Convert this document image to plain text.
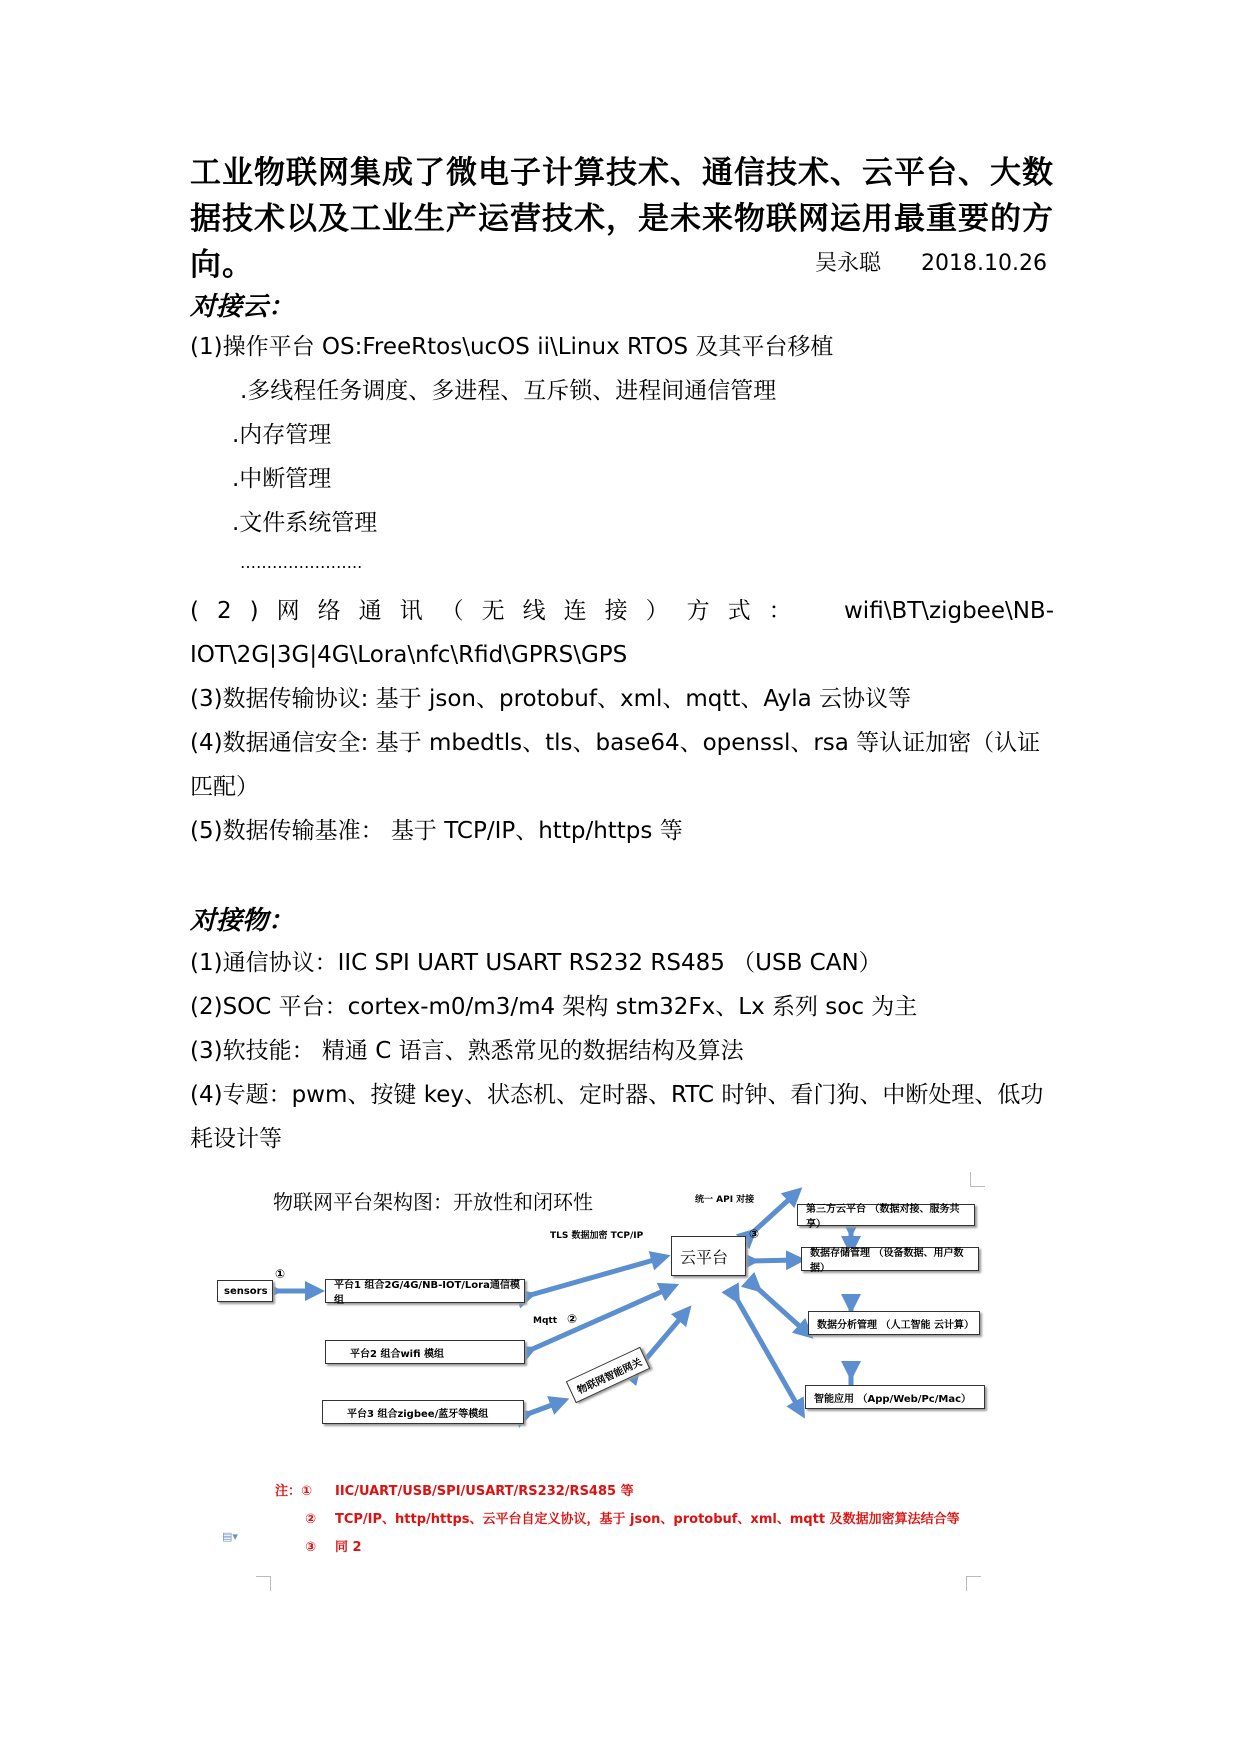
工业物联网集成了微电子计算技术、通信技术、云平台、大数据技术以及工业生产运营技术，是未来物联网运用最重要的方向。	吴永聪 2018.10.26
对接云：
(1)操作平台 OS:FreeRtos\ucOS ii\Linux RTOS 及其平台移植
.多线程任务调度、多进程、互斥锁、进程间通信管理
.内存管理
.中断管理
.文件系统管理
…………………..
(2)网络通讯（无线连接）方式： wifi\BT\zigbee\NB-
IOT\2G|3G|4G\Lora\nfc\Rfid\GPRS\GPS
(3)数据传输协议: 基于 json、protobuf、xml、mqtt、Ayla 云协议等
(4)数据通信安全: 基于 mbedtls、tls、base64、openssl、rsa 等认证加密（认证匹配）
(5)数据传输基准： 基于 TCP/IP、http/https 等
对接物：
(1)通信协议：IIC SPI UART USART RS232 RS485 （USB CAN）
(2)SOC 平台：cortex-m0/m3/m4 架构 stm32Fx、Lx 系列 soc 为主
(3)软技能： 精通 C 语言、熟悉常见的数据结构及算法
(4)专题：pwm、按键 key、状态机、定时器、RTC 时钟、看门狗、中断处理、低功耗设计等
▤▾
物联网平台架构图：开放性和闭环性
sensors	平台1 组合2G/4G/NB-IOT/Lora通信模组
平台2 组合wifi 模组
平台3 组合zigbee/蓝牙等模组
物联网智能网关
云平台
第三方云平台 （数据对接、服务共享）
数据存储管理 （设备数据、用户数据）
数据分析管理 （人工智能 云计算）
智能应用 （App/Web/Pc/Mac）
TLS 数据加密 TCP/IP
Mqtt ②
统一 API 对接
①
③
注：① IIC/UART/USB/SPI/USART/RS232/RS485 等
② TCP/IP、http/https、云平台自定义协议，基于 json、protobuf、xml、mqtt 及数据加密算法结合等
③ 同 2
